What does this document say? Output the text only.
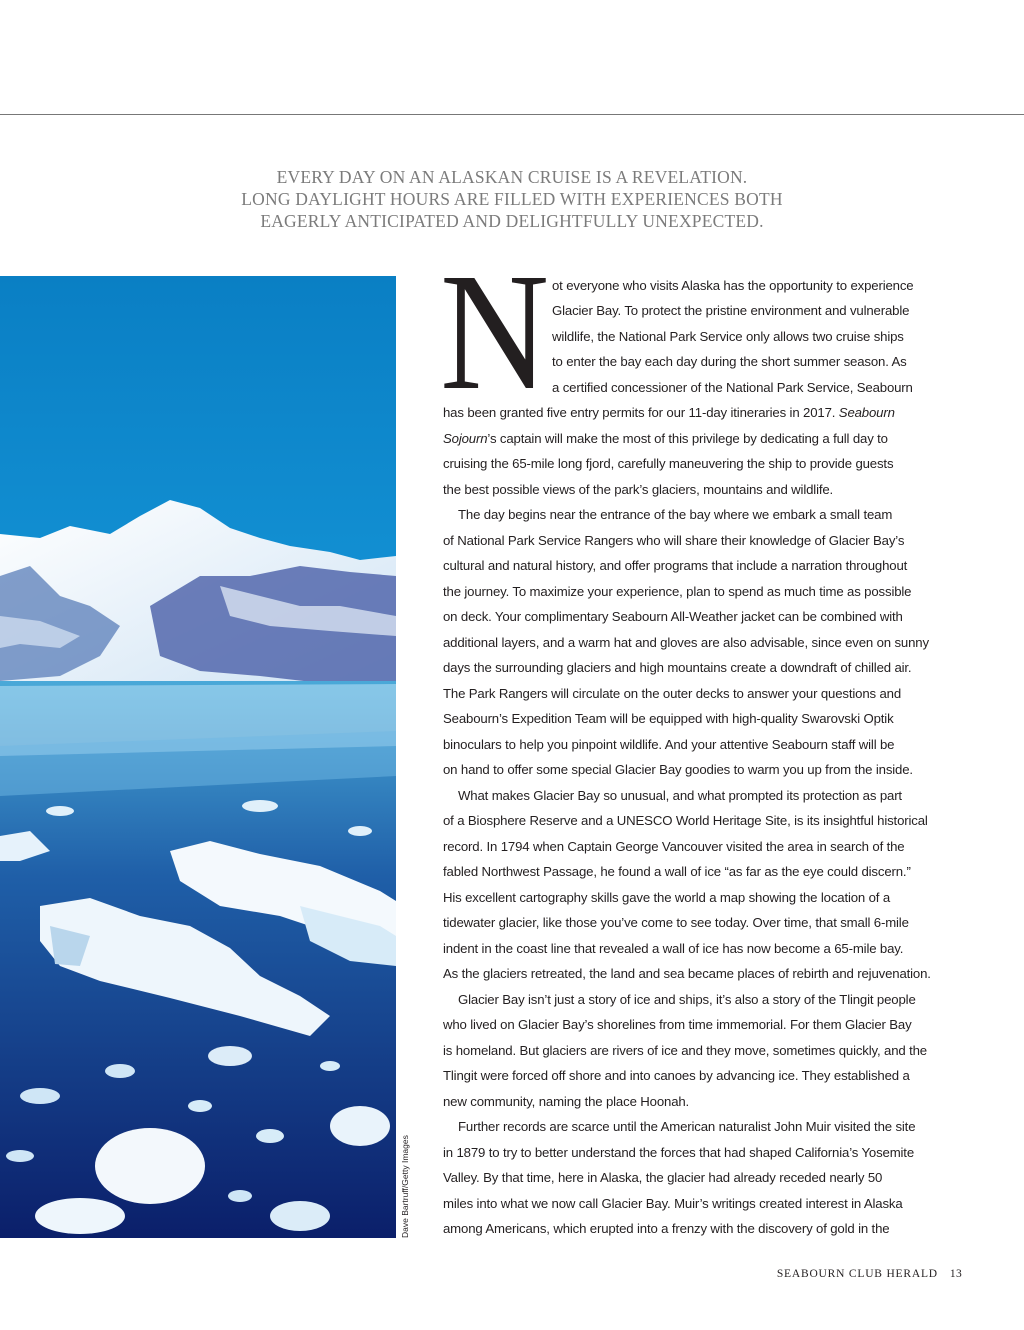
EVERY DAY ON AN ALASKAN CRUISE IS A REVELATION.
LONG DAYLIGHT HOURS ARE FILLED WITH EXPERIENCES BOTH
EAGERLY ANTICIPATED AND DELIGHTFULLY UNEXPECTED.
Dave Bartruff/Getty Images
N ot everyone who visits Alaska has the opportunity to experience
Glacier Bay. To protect the pristine environment and vulnerable
wildlife, the National Park Service only allows two cruise ships
to enter the bay each day during the short summer season. As
a certified concessioner of the National Park Service, Seabourn
has been granted five entry permits for our 11-day itineraries in 2017. Seabourn
Sojourn’s captain will make the most of this privilege by dedicating a full day to
cruising the 65-mile long fjord, carefully maneuvering the ship to provide guests
the best possible views of the park’s glaciers, mountains and wildlife.
The day begins near the entrance of the bay where we embark a small team
of National Park Service Rangers who will share their knowledge of Glacier Bay’s
cultural and natural history, and offer programs that include a narration throughout
the journey. To maximize your experience, plan to spend as much time as possible
on deck. Your complimentary Seabourn All-Weather jacket can be combined with
additional layers, and a warm hat and gloves are also advisable, since even on sunny
days the surrounding glaciers and high mountains create a downdraft of chilled air.
The Park Rangers will circulate on the outer decks to answer your questions and
Seabourn’s Expedition Team will be equipped with high-quality Swarovski Optik
binoculars to help you pinpoint wildlife. And your attentive Seabourn staff will be
on hand to offer some special Glacier Bay goodies to warm you up from the inside.
What makes Glacier Bay so unusual, and what prompted its protection as part
of a Biosphere Reserve and a UNESCO World Heritage Site, is its insightful historical
record. In 1794 when Captain George Vancouver visited the area in search of the
fabled Northwest Passage, he found a wall of ice “as far as the eye could discern.”
His excellent cartography skills gave the world a map showing the location of a
tidewater glacier, like those you’ve come to see today. Over time, that small 6-mile
indent in the coast line that revealed a wall of ice has now become a 65-mile bay.
As the glaciers retreated, the land and sea became places of rebirth and rejuvenation.
Glacier Bay isn’t just a story of ice and ships, it’s also a story of the Tlingit people
who lived on Glacier Bay’s shorelines from time immemorial. For them Glacier Bay
is homeland. But glaciers are rivers of ice and they move, sometimes quickly, and the
Tlingit were forced off shore and into canoes by advancing ice. They established a
new community, naming the place Hoonah.
Further records are scarce until the American naturalist John Muir visited the site
in 1879 to try to better understand the forces that had shaped California’s Yosemite
Valley. By that time, here in Alaska, the glacier had already receded nearly 50
miles into what we now call Glacier Bay. Muir’s writings created interest in Alaska
among Americans, which erupted into a frenzy with the discovery of gold in the
SEABOURN CLUB HERALD 13
